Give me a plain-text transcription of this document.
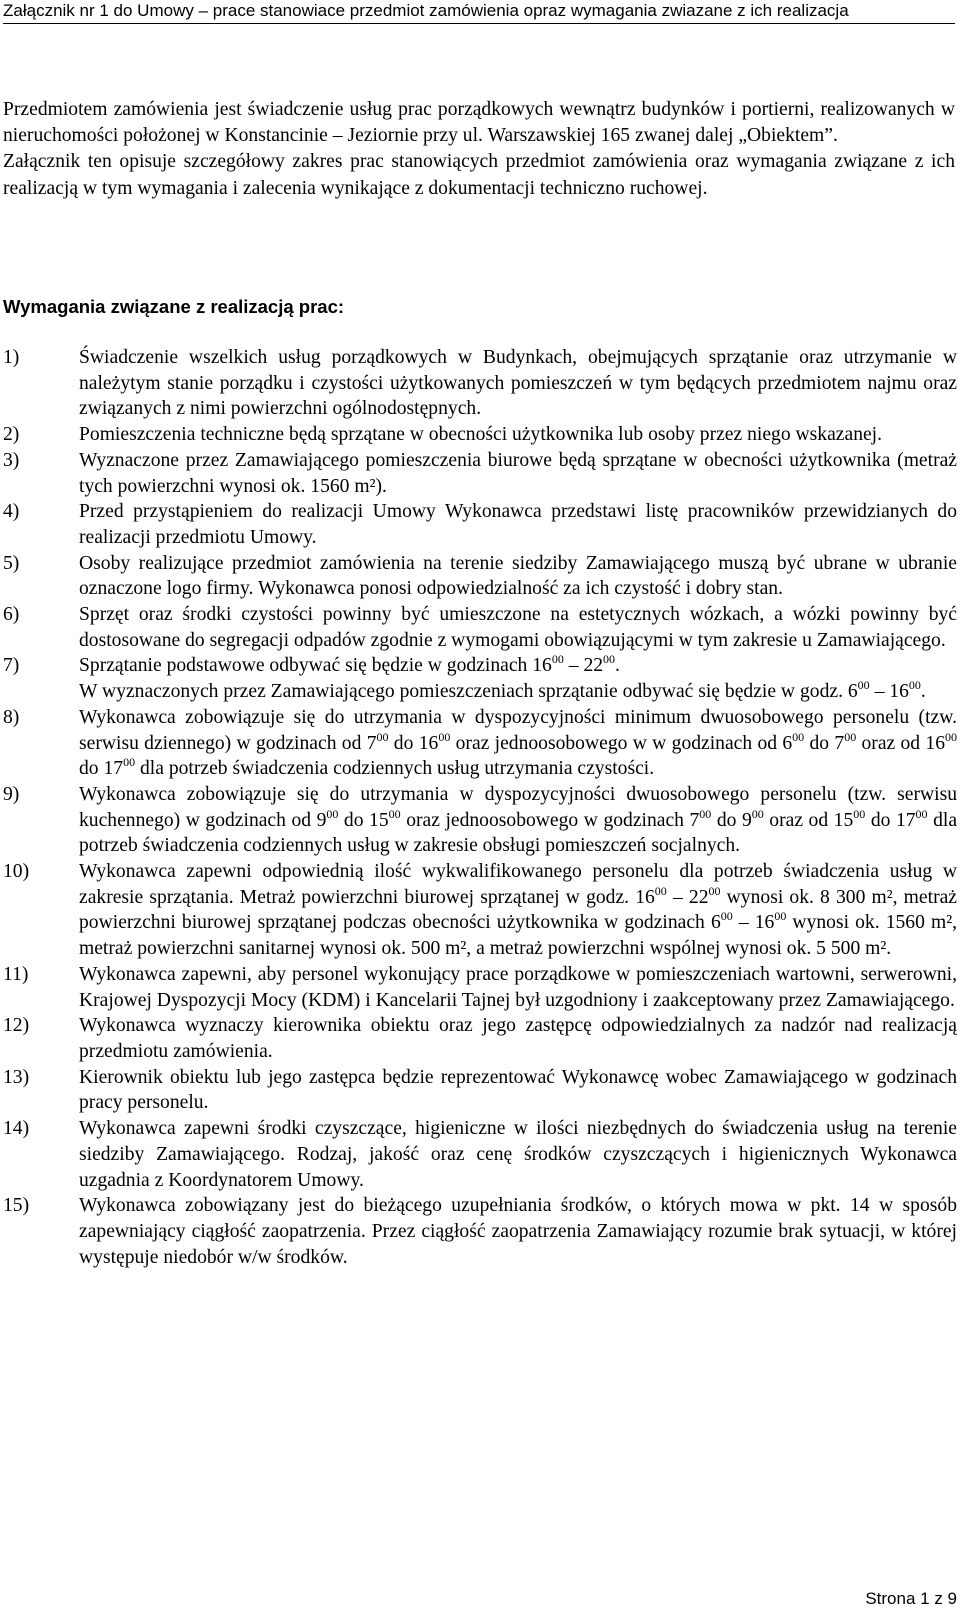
Załącznik nr 1 do Umowy – prace stanowiace przedmiot zamówienia opraz wymagania zwiazane z ich realizacja

Przedmiotem zamówienia jest świadczenie usług prac porządkowych wewnątrz budynków i portierni, realizowanych w nieruchomości położonej w Konstancinie – Jeziornie przy ul. Warszawskiej 165 zwanej dalej „Obiektem”.

Załącznik ten opisuje szczegółowy zakres prac stanowiących przedmiot zamówienia oraz wymagania związane z ich realizacją w tym wymagania i zalecenia wynikające z dokumentacji techniczno ruchowej.

Wymagania związane z realizacją prac:
1)	Świadczenie wszelkich usług porządkowych w Budynkach, obejmujących sprzątanie oraz utrzymanie w należytym stanie porządku i czystości użytkowanych pomieszczeń w tym będących przedmiotem najmu oraz związanych z nimi powierzchni ogólnodostępnych.
2)	Pomieszczenia techniczne będą sprzątane w obecności użytkownika lub osoby przez niego wskazanej.
3)	Wyznaczone przez Zamawiającego pomieszczenia biurowe będą sprzątane w obecności użytkownika (metraż tych powierzchni wynosi ok. 1560 m²).
4)	Przed przystąpieniem do realizacji Umowy Wykonawca przedstawi listę pracowników przewidzianych do realizacji przedmiotu Umowy.
5)	Osoby realizujące przedmiot zamówienia na terenie siedziby Zamawiającego muszą być ubrane w ubranie oznaczone logo firmy. Wykonawca ponosi odpowiedzialność za ich czystość i dobry stan.
6)	Sprzęt oraz środki czystości powinny być umieszczone na estetycznych wózkach, a wózki powinny być dostosowane do segregacji odpadów zgodnie z wymogami obowiązującymi w tym zakresie u Zamawiającego.
7)	Sprzątanie podstawowe odbywać się będzie w godzinach $16^{00} - 22^{00}$.
W wyznaczonych przez Zamawiającego pomieszczeniach sprzątanie odbywać się będzie w godz. $6^{00} - 16^{00}$.
8)	Wykonawca zobowiązuje się do utrzymania w dyspozycyjności minimum dwuosobowego personelu (tzw. serwisu dziennego) w godzinach od $7^{00}$ do $16^{00}$ oraz jednoosobowego w w godzinach od $6^{00}$ do $7^{00}$ oraz od $16^{00}$ do $17^{00}$ dla potrzeb świadczenia codziennych usług utrzymania czystości.
9)	Wykonawca zobowiązuje się do utrzymania w dyspozycyjności dwuosobowego personelu (tzw. serwisu kuchennego) w godzinach od $9^{00}$ do $15^{00}$ oraz jednoosobowego w godzinach $7^{00}$ do $9^{00}$ oraz od $15^{00}$ do $17^{00}$ dla potrzeb świadczenia codziennych usług w zakresie obsługi pomieszczeń socjalnych.
10)	Wykonawca zapewni odpowiednią ilość wykwalifikowanego personelu dla potrzeb świadczenia usług w zakresie sprzątania. Metraż powierzchni biurowej sprzątanej w godz. $16^{00} - 22^{00}$ wynosi ok. 8 300 m², metraż powierzchni biurowej sprzątanej podczas obecności użytkownika w godzinach $6^{00} - 16^{00}$ wynosi ok. 1560 m², metraż powierzchni sanitarnej wynosi ok. 500 m², a metraż powierzchni wspólnej wynosi ok. 5 500 m².
11)	Wykonawca zapewni, aby personel wykonujący prace porządkowe w pomieszczeniach wartowni, serwerowni, Krajowej Dyspozycji Mocy (KDM) i Kancelarii Tajnej był uzgodniony i zaakceptowany przez Zamawiającego.
12)	Wykonawca wyznaczy kierownika obiektu oraz jego zastępcę odpowiedzialnych za nadzór nad realizacją przedmiotu zamówienia.
13)	Kierownik obiektu lub jego zastępca będzie reprezentować Wykonawcę wobec Zamawiającego w godzinach pracy personelu.
14)	Wykonawca zapewni środki czyszczące, higieniczne w ilości niezbędnych do świadczenia usług na terenie siedziby Zamawiającego. Rodzaj, jakość oraz cenę środków czyszczących i higienicznych Wykonawca uzgadnia z Koordynatorem Umowy.
15)	Wykonawca zobowiązany jest do bieżącego uzupełniania środków, o których mowa w pkt. 14 w sposób zapewniający ciągłość zaopatrzenia. Przez ciągłość zaopatrzenia Zamawiający rozumie brak sytuacji, w której występuje niedobór w/w środków.
Strona 1 z 9
